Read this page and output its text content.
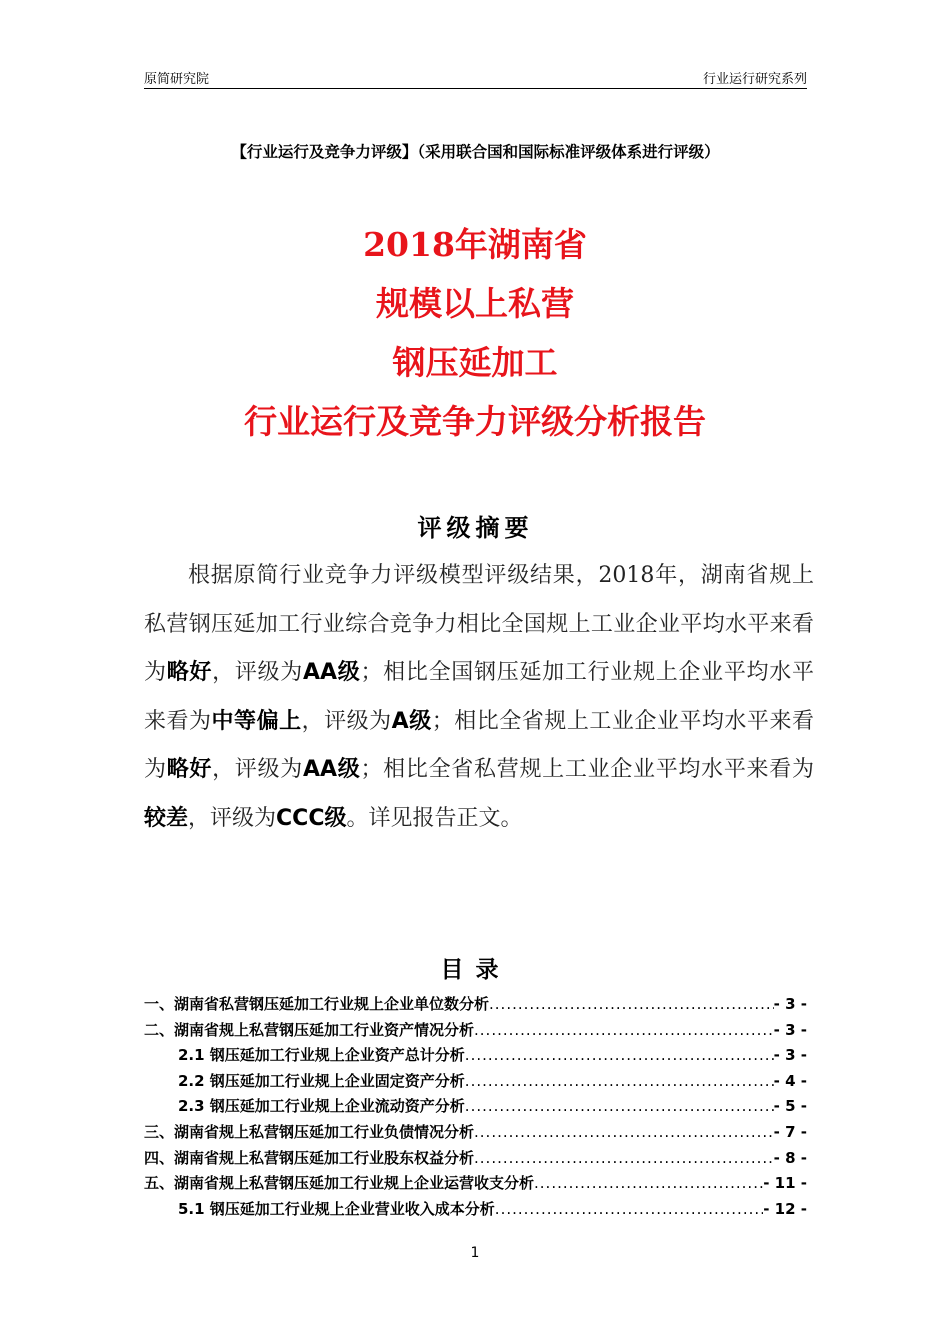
原简研究院	行业运行研究系列
【行业运行及竞争力评级】（采用联合国和国际标准评级体系进行评级）
2018年湖南省
规模以上私营
钢压延加工
行业运行及竞争力评级分析报告
评级摘要

根据原简行业竞争力评级模型评级结果，2018年，湖南省规上私营钢压延加工行业综合竞争力相比全国规上工业企业平均水平来看为略好，评级为AA级；相比全国钢压延加工行业规上企业平均水平来看为中等偏上，评级为A级；相比全省规上工业企业平均水平来看为略好，评级为AA级；相比全省私营规上工业企业平均水平来看为较差，评级为CCC级。详见报告正文。

目录
一、湖南省私营钢压延加工行业规上企业单位数分析 .....	- 3 -
二、湖南省规上私营钢压延加工行业资产情况分析 .....	- 3 -
2.1 钢压延加工行业规上企业资产总计分析 .....	- 3 -
2.2 钢压延加工行业规上企业固定资产分析 .....	- 4 -
2.3 钢压延加工行业规上企业流动资产分析 .....	- 5 -
三、湖南省规上私营钢压延加工行业负债情况分析 .....	- 7 -
四、湖南省规上私营钢压延加工行业股东权益分析 .....	- 8 -
五、湖南省规上私营钢压延加工行业规上企业运营收支分析 .....	- 11 -
5.1 钢压延加工行业规上企业营业收入成本分析 .....	- 12 -
1
